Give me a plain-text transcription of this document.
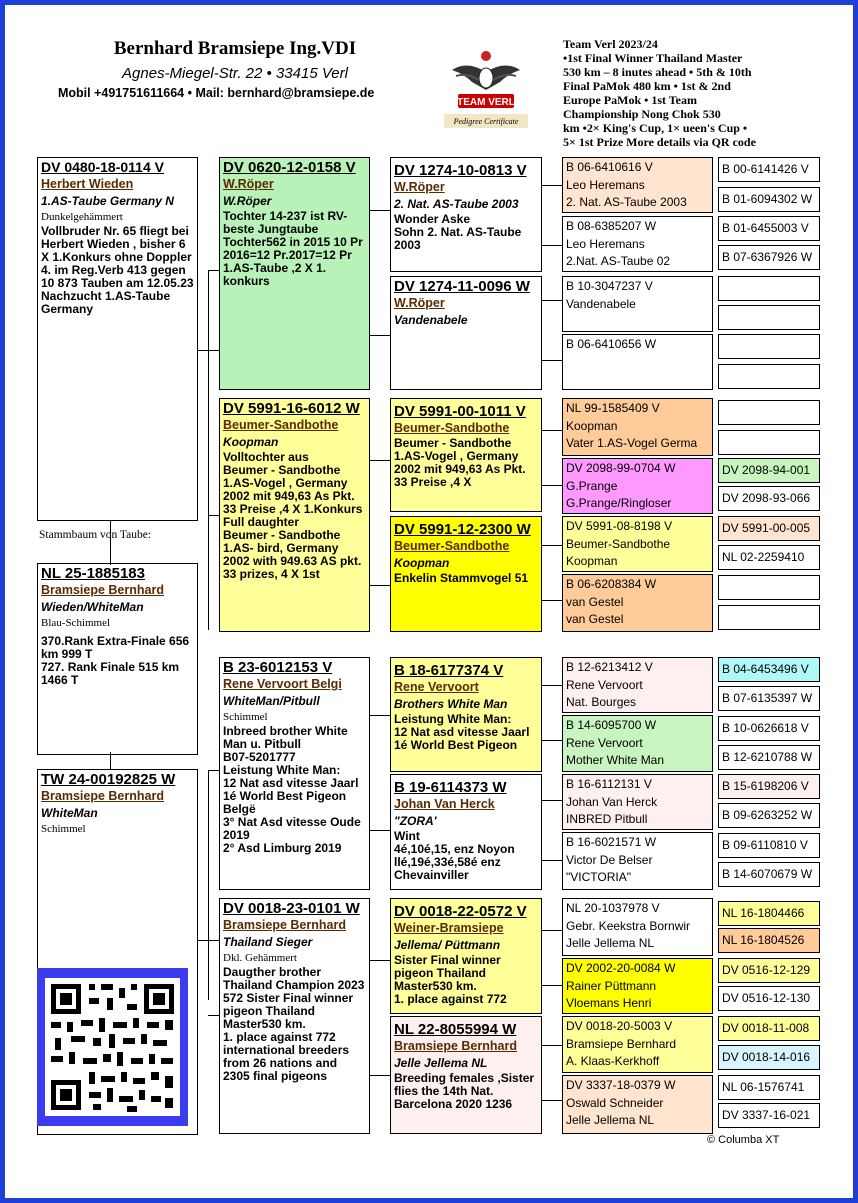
Bernhard Bramsiepe Ing.VDI
Agnes-Miegel-Str. 22 • 33415 Verl
Mobil +491751611664 • Mail: bernhard@bramsiepe.de
TEAM VERL
Pedigree Certificate
Team Verl 2023/24
•1st Final Winner Thailand Master
530 km – 8 inutes ahead • 5th & 10th
Final PaMok 480 km • 1st & 2nd
Europe PaMok • 1st Team
Championship Nong Chok 530
km •2× King's Cup, 1× ueen's Cup •
5× 1st Prize More details via QR code
DV 0480-18-0114 V
Herbert Wieden
1.AS-Taube Germany N
Dunkelgehämmert
Vollbruder Nr. 65 fliegt bei
Herbert Wieden , bisher 6 X 1.Konkurs ohne Doppler
4. im Reg.Verb 413 gegen 10 873 Tauben am 12.05.23
Nachzucht 1.AS-Taube Germany
Stammbaum von Taube:
NL 25-1885183
Bramsiepe Bernhard
Wieden/WhiteMan
Blau-Schimmel
370.Rank Extra-Finale 656 km 999 T
727. Rank Finale 515 km 1466 T
TW 24-00192825 W
Bramsiepe Bernhard
WhiteMan
Schimmel
DV 0620-12-0158 V
W.Röper
W.Röper
Tochter 14-237 ist RV-beste Jungtaube Tochter562 in 2015 10 Pr
2016=12 Pr.2017=12 Pr
1.AS-Taube ,2 X 1. konkurs
DV 5991-16-6012 W
Beumer-Sandbothe
Koopman
Volltochter aus
Beumer - Sandbothe
1.AS-Vogel , Germany 2002 mit 949,63 As Pkt.
33 Preise ,4 X 1.Konkurs
Full daughter
Beumer - Sandbothe 1.AS- bird, Germany 2002 with 949.63 AS pkt.
33 prizes, 4 X 1st
B 23-6012153 V
Rene Vervoort Belgi
WhiteMan/Pitbull
Schimmel
Inbreed brother White Man u. Pitbull
B07-5201777
Leistung White Man:
12 Nat asd vitesse Jaarl
1é World Best Pigeon Belgë
3° Nat Asd vitesse Oude 2019
2° Asd Limburg 2019
DV 0018-23-0101 W
Bramsiepe Bernhard
Thailand Sieger
Dkl. Gehämmert
Daugther brother Thailand Champion 2023
572 Sister Final winner pigeon Thailand Master530 km.
1. place against 772 international breeders from 26 nations and 2305 final pigeons
DV 1274-10-0813 V
W.Röper
2. Nat. AS-Taube 2003
Wonder Aske
Sohn 2. Nat. AS-Taube 2003
DV 1274-11-0096 W
W.Röper
Vandenabele
DV 5991-00-1011 V
Beumer-Sandbothe
Beumer - Sandbothe
1.AS-Vogel , Germany 2002 mit 949,63 As Pkt.
33 Preise ,4 X
DV 5991-12-2300 W
Beumer-Sandbothe
Koopman
Enkelin Stammvogel 51
B 18-6177374 V
Rene Vervoort
Brothers White Man
Leistung White Man:
12 Nat asd vitesse Jaarl
1é World Best Pigeon
B 19-6114373 W
Johan Van Herck
"ZORA'
Wint
4é,10é,15, enz Noyon llé,19é,33é,58é enz Chevainviller
DV 0018-22-0572 V
Weiner-Bramsiepe
Jellema/ Püttmann
Sister Final winner pigeon Thailand Master530 km.
1. place against 772
NL 22-8055994 W
Bramsiepe Bernhard
Jelle Jellema NL
Breeding females ,Sister flies the 14th Nat. Barcelona 2020 1236
B 06-6410616 V
Leo Heremans
2. Nat. AS-Taube 2003
B 08-6385207 W
Leo Heremans
2.Nat. AS-Taube 02
B 10-3047237 V
Vandenabele
B 06-6410656 W
NL 99-1585409 V
Koopman
Vater 1.AS-Vogel Germa
DV 2098-99-0704 W
G.Prange
G.Prange/Ringloser
DV 5991-08-8198 V
Beumer-Sandbothe
Koopman
B 06-6208384 W
van Gestel
van Gestel
B 12-6213412 V
Rene Vervoort
Nat. Bourges
B 14-6095700 W
Rene Vervoort
Mother White Man
B 16-6112131 V
Johan Van Herck
INBRED Pitbull
B 16-6021571 W
Victor De Belser
"VICTORIA"
NL 20-1037978 V
Gebr. Keekstra Bornwir
Jelle Jellema NL
DV 2002-20-0084 W
Rainer Püttmann
Vloemans Henri
DV 0018-20-5003 V
Bramsiepe Bernhard
A. Klaas-Kerkhoff
DV 3337-18-0379 W
Oswald Schneider
Jelle Jellema NL
B 00-6141426 V
B 01-6094302 W
B 01-6455003 V
B 07-6367926 W
DV 2098-94-001
DV 2098-93-066
DV 5991-00-005
NL 02-2259410
B 04-6453496 V
B 07-6135397 W
B 10-0626618 V
B 12-6210788 W
B 15-6198206 V
B 09-6263252 W
B 09-6110810 V
B 14-6070679 W
NL 16-1804466
NL 16-1804526
DV 0516-12-129
DV 0516-12-130
DV 0018-11-008
DV 0018-14-016
NL 06-1576741
DV 3337-16-021
© Columba XT
